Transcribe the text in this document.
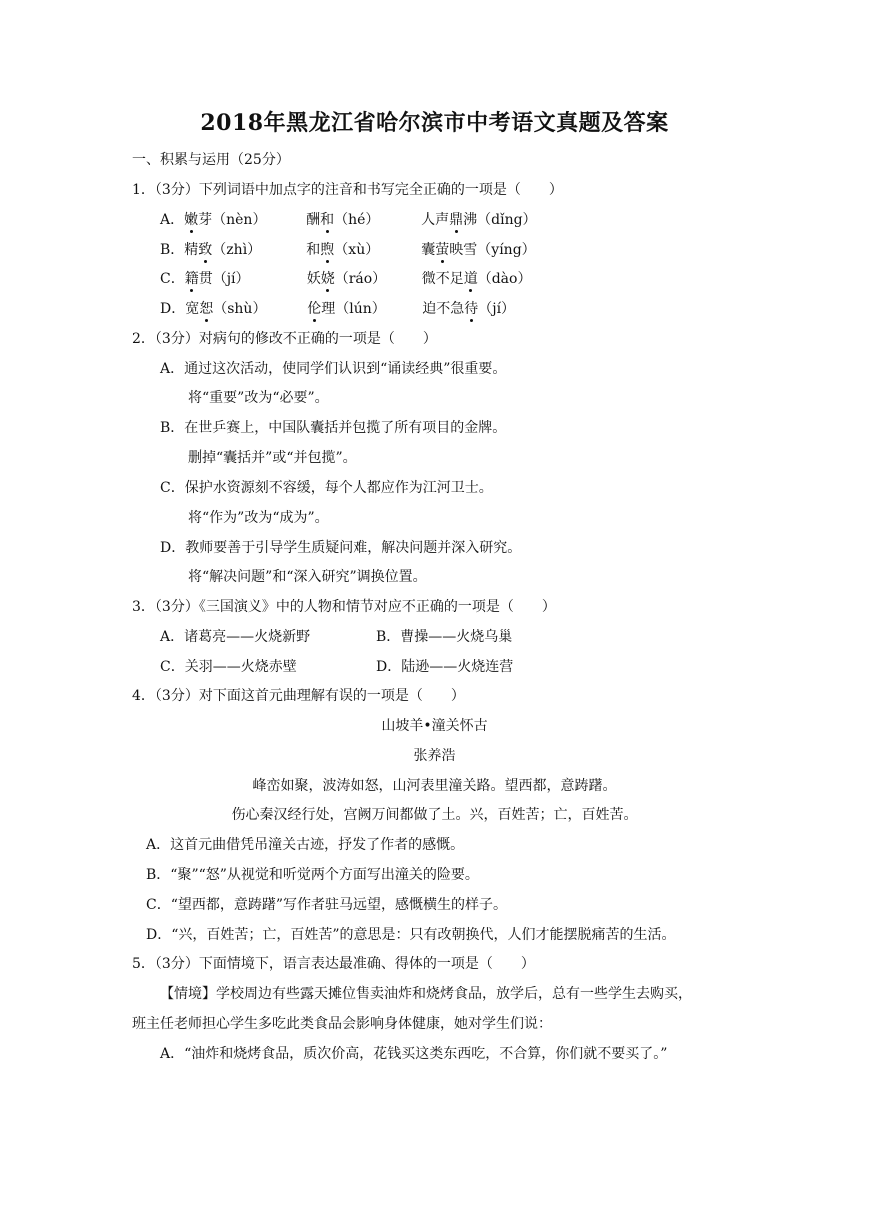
2018年黑龙江省哈尔滨市中考语文真题及答案
一、积累与运用（25分）
1．（3分）下列词语中加点字的注音和书写完全正确的一项是（　　）
A．嫩芽（nèn）	酬和（hé）	人声鼎沸（dǐng）
B．精致（zhì）	和煦（xù）	囊萤映雪（yíng）
C．籍贯（jí）	妖娆（ráo）	微不足道（dào）
D．宽恕（shù）	伦理（lún）	迫不急待（jí）
2．（3分）对病句的修改不正确的一项是（　　）
A．通过这次活动，使同学们认识到“诵读经典”很重要。
将“重要”改为“必要”。
B．在世乒赛上，中国队囊括并包揽了所有项目的金牌。
删掉“囊括并”或“并包揽”。
C．保护水资源刻不容缓，每个人都应作为江河卫士。
将“作为”改为“成为”。
D．教师要善于引导学生质疑问难，解决问题并深入研究。
将“解决问题”和“深入研究”调换位置。
3．（3分）《三国演义》中的人物和情节对应不正确的一项是（　　）
A．诸葛亮——火烧新野	B．曹操——火烧乌巢
C．关羽——火烧赤壁	D．陆逊——火烧连营
4．（3分）对下面这首元曲理解有误的一项是（　　）
山坡羊•潼关怀古
张养浩
峰峦如聚，波涛如怒，山河表里潼关路。望西都，意踌躇。
伤心秦汉经行处，宫阙万间都做了土。兴，百姓苦；亡，百姓苦。
A．这首元曲借凭吊潼关古迹，抒发了作者的感慨。
B．“聚”“怒”从视觉和听觉两个方面写出潼关的险要。
C．“望西都，意踌躇”写作者驻马远望，感慨横生的样子。
D．“兴，百姓苦；亡，百姓苦”的意思是：只有改朝换代，人们才能摆脱痛苦的生活。
5．（3分）下面情境下，语言表达最准确、得体的一项是（　　）
【情境】学校周边有些露天摊位售卖油炸和烧烤食品，放学后，总有一些学生去购买，
班主任老师担心学生多吃此类食品会影响身体健康，她对学生们说：
A．“油炸和烧烤食品，质次价高，花钱买这类东西吃，不合算，你们就不要买了。”
